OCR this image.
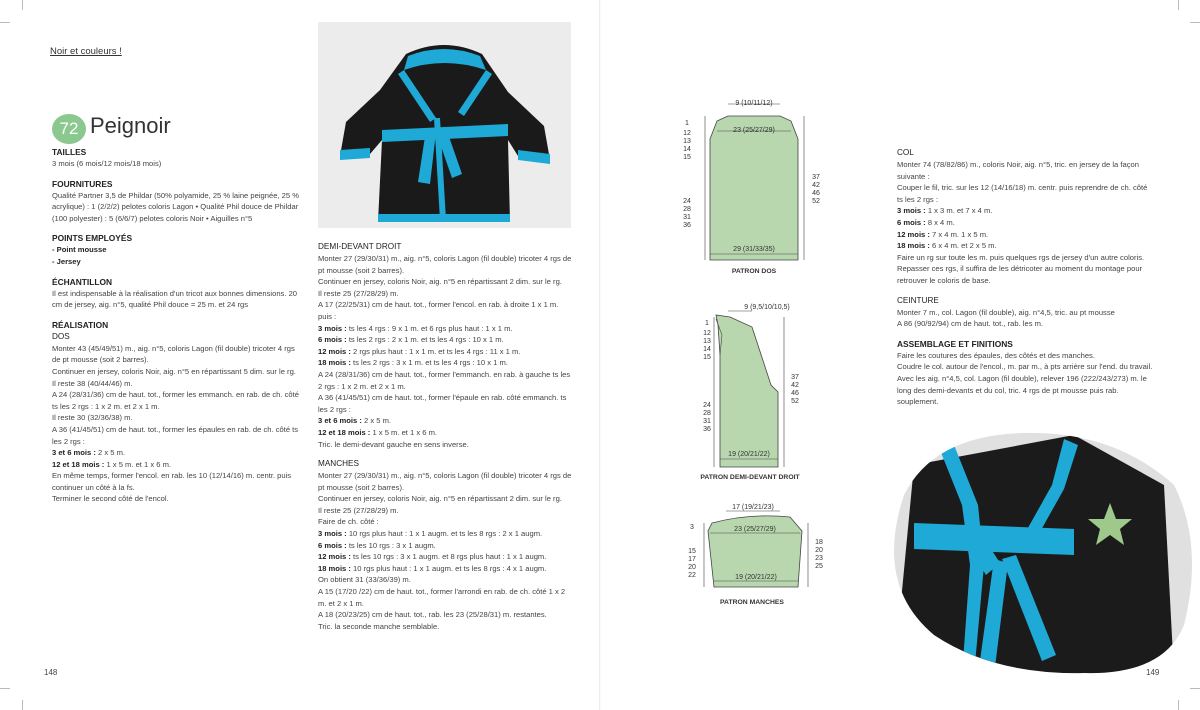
Noir et couleurs !
72 Peignoir
TAILLES

3 mois (6 mois/12 mois/18 mois)

FOURNITURES

Qualité Partner 3,5 de Phildar (50% polyamide, 25 % laine peignée, 25 % acrylique) : 1 (2/2/2) pelotes coloris Lagon • Qualité Phil douce de Phildar (100 polyester) : 5 (6/6/7) pelotes coloris Noir • Aiguilles n°5

POINTS EMPLOYÉS

- Point mousse

- Jersey

ÉCHANTILLON

Il est indispensable à la réalisation d'un tricot aux bonnes dimensions. 20 cm de jersey, aig. n°5, qualité Phil douce = 25 m. et 24 rgs

RÉALISATION
DOS

Monter 43 (45/49/51) m., aig. n°5, coloris Lagon (fil double) tricoter 4 rgs de pt mousse (soit 2 barres).

Continuer en jersey, coloris Noir, aig. n°5 en répartissant 5 dim. sur le rg.

Il reste 38 (40/44/46) m.

A 24 (28/31/36) cm de haut. tot., former les emmanch. en rab. de ch. côté ts les 2 rgs : 1 x 2 m. et 2 x 1 m.

Il reste 30 (32/36/38) m.

A 36 (41/45/51) cm de haut. tot., former les épaules en rab. de ch. côté ts les 2 rgs :

3 et 6 mois : 2 x 5 m.

12 et 18 mois : 1 x 5 m. et 1 x 6 m.

En même temps, former l'encol. en rab. les 10 (12/14/16) m. centr. puis continuer un côté à la fs.

Terminer le second côté de l'encol.

DEMI-DEVANT DROIT

Monter 27 (29/30/31) m., aig. n°5, coloris Lagon (fil double) tricoter 4 rgs de pt mousse (soit 2 barres).

Continuer en jersey, coloris Noir, aig. n°5 en répartissant 2 dim. sur le rg.

Il reste 25 (27/28/29) m.

A 17 (22/25/31) cm de haut. tot., former l'encol. en rab. à droite 1 x 1 m. puis :

3 mois : ts les 4 rgs : 9 x 1 m. et 6 rgs plus haut : 1 x 1 m.

6 mois : ts les 2 rgs : 2 x 1 m. et ts les 4 rgs : 10 x 1 m.

12 mois : 2 rgs plus haut : 1 x 1 m. et ts les 4 rgs : 11 x 1 m.

18 mois : ts les 2 rgs : 3 x 1 m. et ts les 4 rgs : 10 x 1 m.

A 24 (28/31/36) cm de haut. tot., former l'emmanch. en rab. à gauche ts les 2 rgs : 1 x 2 m. et 2 x 1 m.

A 36 (41/45/51) cm de haut. tot., former l'épaule en rab. côté emmanch. ts les 2 rgs :

3 et 6 mois : 2 x 5 m.

12 et 18 mois : 1 x 5 m. et 1 x 6 m.

Tric. le demi-devant gauche en sens inverse.

MANCHES

Monter 27 (29/30/31) m., aig. n°5, coloris Lagon (fil double) tricoter 4 rgs de pt mousse (soit 2 barres).

Continuer en jersey, coloris Noir, aig. n°5 en répartissant 2 dim. sur le rg.

Il reste 25 (27/28/29) m.

Faire de ch. côté :

3 mois : 10 rgs plus haut : 1 x 1 augm. et ts les 8 rgs : 2 x 1 augm.

6 mois : ts les 10 rgs : 3 x 1 augm.

12 mois : ts les 10 rgs : 3 x 1 augm. et 8 rgs plus haut : 1 x 1 augm.

18 mois : 10 rgs plus haut : 1 x 1 augm. et ts les 8 rgs : 4 x 1 augm.

On obtient 31 (33/36/39) m.

A 15 (17/20 /22) cm de haut. tot., former l'arrondi en rab. de ch. côté 1 x 2 m. et 2 x 1 m.

A 18 (20/23/25) cm de haut. tot., rab. les 23 (25/28/31) m. restantes.

Tric. la seconde manche semblable.

148
9 (10/11/12)
23 (25/27/29)
29 (31/33/35)
1
12
13
14
15
24
28
31
36
37
42
46
52
PATRON DOS
9 (9,5/10/10,5)
19 (20/21/22)
1
12
13
14
15
24
28
31
36
37
42
46
52
PATRON DEMI-DEVANT DROIT
17 (19/21/23)
23 (25/27/29)
19 (20/21/22)
3
15
17
20
22
18
20
23
25
PATRON MANCHES
COL

Monter 74 (78/82/86) m., coloris Noir, aig. n°5, tric. en jersey de la façon suivante :

Couper le fil, tric. sur les 12 (14/16/18) m. centr. puis reprendre de ch. côté ts les 2 rgs :

3 mois : 1 x 3 m. et 7 x 4 m.

6 mois : 8 x 4 m.

12 mois : 7 x 4 m. 1 x 5 m.

18 mois : 6 x 4 m. et 2 x 5 m.

Faire un rg sur toute les m. puis quelques rgs de jersey d'un autre coloris.

Repasser ces rgs, il suffira de les détricoter au moment du montage pour retrouver le coloris de base.

CEINTURE

Monter 7 m., col. Lagon (fil double), aig. n°4,5, tric. au pt mousse

A 86 (90/92/94) cm de haut. tot., rab. les m.

ASSEMBLAGE ET FINITIONS

Faire les coutures des épaules, des côtés et des manches.

Coudre le col. autour de l'encol., m. par m., à pts arrière sur l'end. du travail.

Avec les aig. n°4,5, col. Lagon (fil double), relever 196 (222/243/273) m. le long des demi-devants et du col, tric. 4 rgs de pt mousse puis rab. souplement.

149
